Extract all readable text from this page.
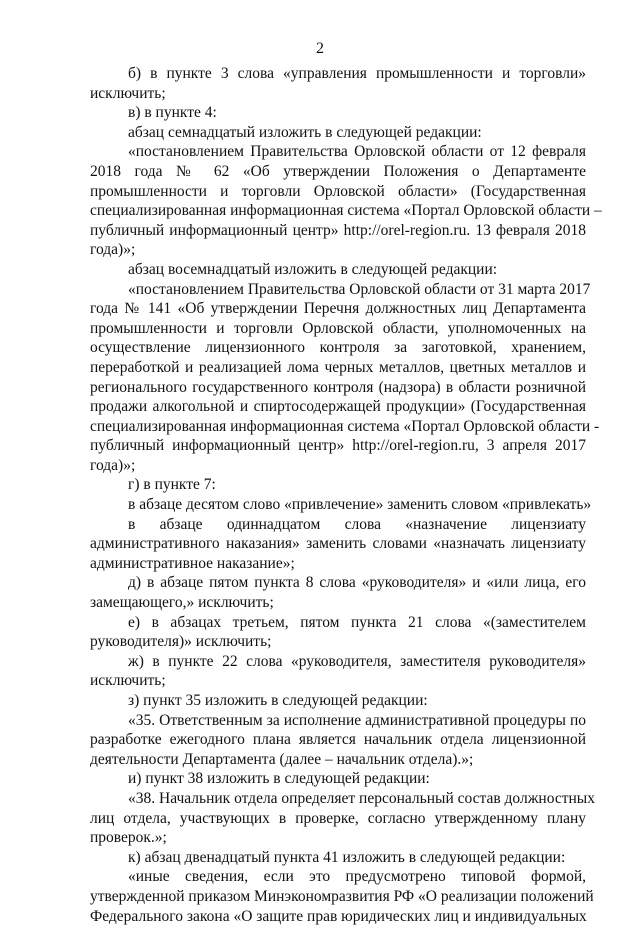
2
б) в пункте 3 слова «управления промышленности и торговли»
исключить;
в) в пункте 4:
абзац семнадцатый изложить в следующей редакции:
«постановлением Правительства Орловской области от 12 февраля
2018 года № 62 «Об утверждении Положения о Департаменте
промышленности и торговли Орловской области» (Государственная
специализированная информационная система «Портал Орловской области –
публичный информационный центр» http://orel-region.ru. 13 февраля 2018
года)»;
абзац восемнадцатый изложить в следующей редакции:
«постановлением Правительства Орловской области от 31 марта 2017
года № 141 «Об утверждении Перечня должностных лиц Департамента
промышленности и торговли Орловской области, уполномоченных на
осуществление лицензионного контроля за заготовкой, хранением,
переработкой и реализацией лома черных металлов, цветных металлов и
регионального государственного контроля (надзора) в области розничной
продажи алкогольной и спиртосодержащей продукции» (Государственная
специализированная информационная система «Портал Орловской области -
публичный информационный центр» http://orel-region.ru, 3 апреля 2017
года)»;
г) в пункте 7:
в абзаце десятом слово «привлечение» заменить словом «привлекать»
в абзаце одиннадцатом слова «назначение лицензиату
административного наказания» заменить словами «назначать лицензиату
административное наказание»;
д) в абзаце пятом пункта 8 слова «руководителя» и «или лица, его
замещающего,» исключить;
е) в абзацах третьем, пятом пункта 21 слова «(заместителем
руководителя)» исключить;
ж) в пункте 22 слова «руководителя, заместителя руководителя»
исключить;
з) пункт 35 изложить в следующей редакции:
«35. Ответственным за исполнение административной процедуры по
разработке ежегодного плана является начальник отдела лицензионной
деятельности Департамента (далее – начальник отдела).»;
и) пункт 38 изложить в следующей редакции:
«38. Начальник отдела определяет персональный состав должностных
лиц отдела, участвующих в проверке, согласно утвержденному плану
проверок.»;
к) абзац двенадцатый пункта 41 изложить в следующей редакции:
«иные сведения, если это предусмотрено типовой формой,
утвержденной приказом Минэкономразвития РФ «О реализации положений
Федерального закона «О защите прав юридических лиц и индивидуальных
